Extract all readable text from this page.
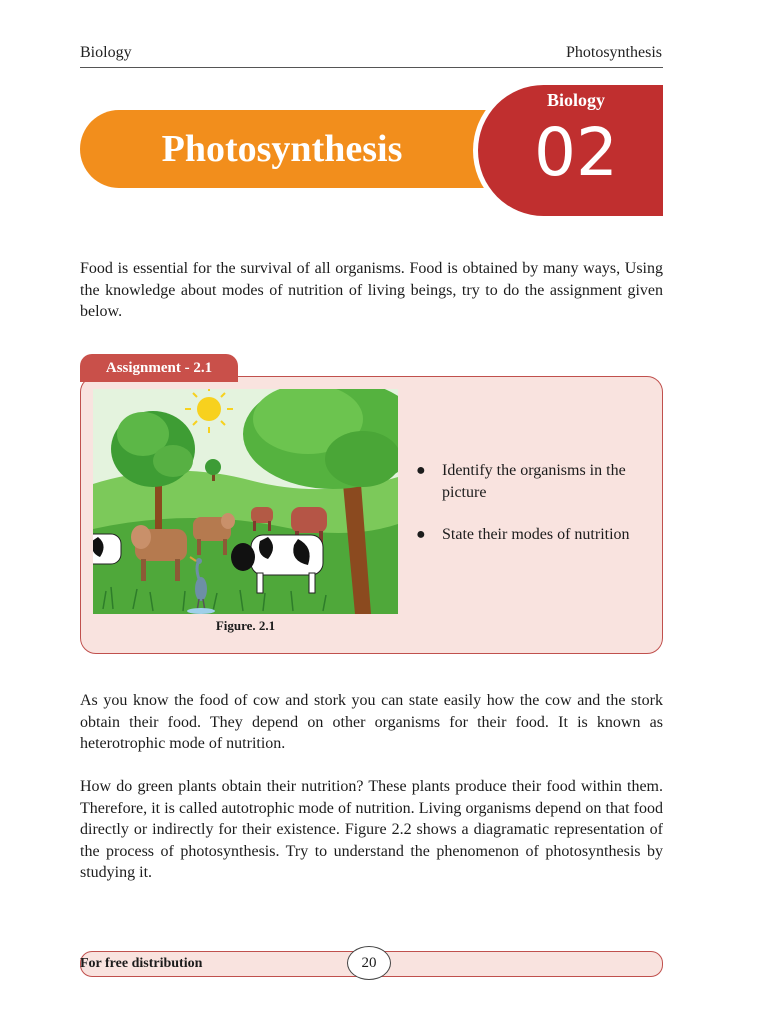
Biology	Photosynthesis
Photosynthesis
Biology
02
Food is essential for the survival of all organisms. Food is obtained by many ways, Using the knowledge about modes of nutrition of living beings, try to do the assignment given below.
Assignment - 2.1
Figure. 2.1
● Identify the organisms in the picture
● State their modes of nutrition
As you know the food of cow and stork you can state easily how the cow and the stork obtain their food. They depend on other organisms for their food. It is known as heterotrophic mode of nutrition.
How do green plants obtain their nutrition? These plants produce their food within them. Therefore, it is called autotrophic mode of nutrition. Living organisms depend on that food directly or indirectly for their existence. Figure 2.2 shows a diagramatic representation of the process of photosynthesis. Try to understand the phenomenon of photosynthesis by studying it.
For free distribution	20
